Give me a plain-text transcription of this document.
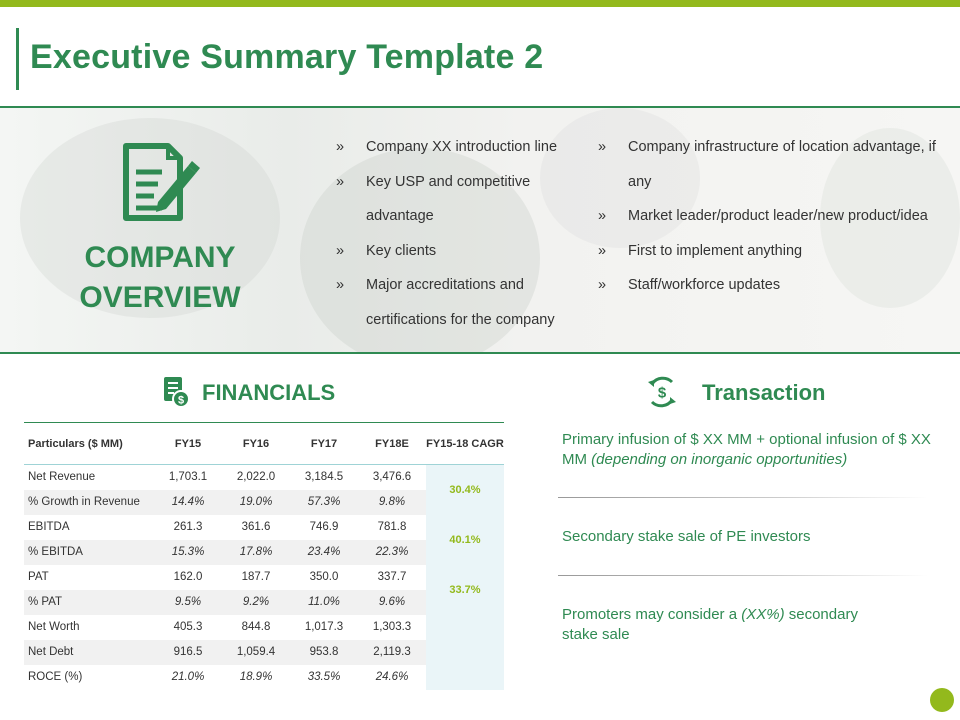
Executive Summary Template 2
COMPANY
OVERVIEW
» Company XX introduction line
» Key USP and competitive advantage
» Key clients
» Major accreditations and certifications for the company
» Company infrastructure of location advantage, if any
» Market leader/product leader/new product/idea
» First to implement anything
» Staff/workforce updates
$ FINANCIALS
Particulars ($ MM)	FY15	FY16	FY17	FY18E	FY15-18 CAGR
Net Revenue	1,703.1	2,022.0	3,184.5	3,476.6	30.4%
% Growth in Revenue	14.4%	19.0%	57.3%	9.8%	
EBITDA	261.3	361.6	746.9	781.8	40.1%
% EBITDA	15.3%	17.8%	23.4%	22.3%	
PAT	162.0	187.7	350.0	337.7	33.7%
% PAT	9.5%	9.2%	11.0%	9.6%	
Net Worth	405.3	844.8	1,017.3	1,303.3	
Net Debt	916.5	1,059.4	953.8	2,119.3	
ROCE (%)	21.0%	18.9%	33.5%	24.6%	
$ Transaction
Primary infusion of $ XX MM + optional infusion of $ XX MM (depending on inorganic opportunities)
Secondary stake sale of PE investors
Promoters may consider a (XX%) secondary stake sale
